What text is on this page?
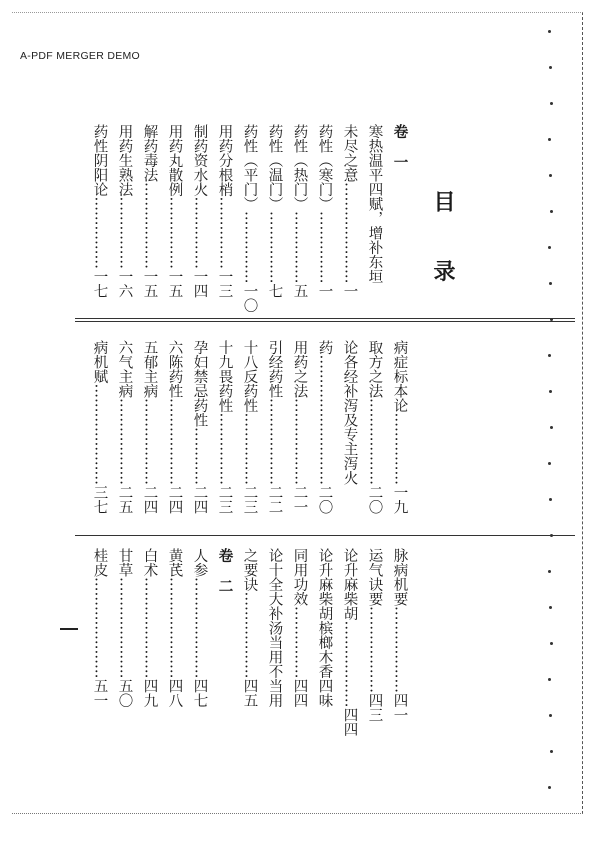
A-PDF MERGER DEMO
目 录
卷一
寒热温平四赋，增补东垣
未尽之意…………………一
药性（寒门）……………一
药性（热门）……………五
药性（温门）……………七
药性（平门）……………一〇
用药分根梢……………一三
制药资水火……………一四
用药丸散例……………一五
解药毒法………………一五
用药生熟法……………一六
药性阴阳论……………一七
病症标本论……………一九
取方之法………………二〇
论各经补泻及专主泻火
药………………………二〇
用药之法………………二一
引经药性………………二二
十八反药性……………二三
十九畏药性……………二三
孕妇禁忌药性…………二四
六陈药性………………二四
五郁主病………………二四
六气主病………………二五
病机赋…………………三七
脉病机要………………四一
运气诀要………………四三
论升麻柴胡………………四四
论升麻柴胡槟榔木香四味
同用功效……………四四
论十全大补汤当用不当用
之要诀………………四五
卷二
人参…………………四七
黄芪…………………四八
白术…………………四九
甘草…………………五〇
桂皮…………………五一
